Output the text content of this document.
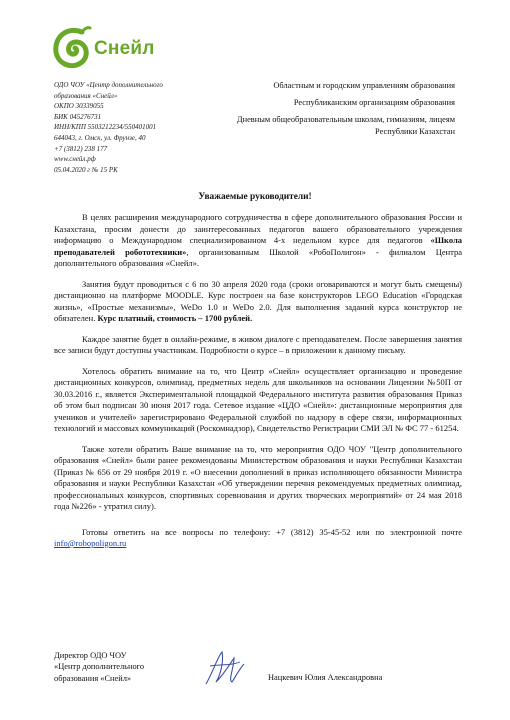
Снейл
ОДО ЧОУ «Центр дополнительного
образования «Снейл»
ОКПО 30339055
БИК 045276731
ИНН/КПП 5503212234/550401001
644043, г. Омск, ул. Фрунзе, 40
+7 (3812) 238 177
www.снейл.рф
05.04.2020 г № 15 РК

Областным и городским управлениям образования

Республиканским организациям образования

Дневным общеобразовательным школам, гимназиям, лицеям Республики Казахстан

Уважаемые руководители!

В целях расширения международного сотрудничества в сфере дополнительного образования России и Казахстана, просим донести до заинтересованных педагогов вашего образовательного учреждения информацию о Международном специализированном 4-х недельном курсе для педагогов «Школа преподавателей робототехники», организованным Школой «РобоПолигон» - филиалом Центра дополнительного образования «Снейл».

Занятия будут проводиться с 6 по 30 апреля 2020 года (сроки оговариваются и могут быть смещены) дистанционно на платформе MOODLE. Курс построен на базе конструкторов LEGO Education «Городская жизнь», «Простые механизмы», WeDo 1.0 и WeDo 2.0. Для выполнения заданий курса конструктор не обязателен. Курс платный, стоимость – 1700 рублей.

Каждое занятие будет в онлайн-режиме, в живом диалоге с преподавателем. После завершения занятия все записи будут доступны участникам. Подробности о курсе – в приложении к данному письму.

Хотелось обратить внимание на то, что Центр «Снейл» осуществляет организацию и проведение дистанционных конкурсов, олимпиад, предметных недель для школьников на основании Лицензии №50П от 30.03.2016 г., является Экспериментальной площадкой Федерального института развития образования Приказ об этом был подписан 30 июня 2017 года. Сетевое издание «ЦДО «Снейл»: дистанционные мероприятия для учеников и учителей» зарегистрировано Федеральной службой по надзору в сфере связи, информационных технологий и массовых коммуникаций (Роскомнадзор), Свидетельство Регистрации СМИ ЭЛ № ФС 77 - 61254.

Также хотели обратить Ваше внимание на то, что мероприятия ОДО ЧОУ "Центр дополнительного образования «Снейл» были ранее рекомендованы Министерством образования и науки Республики Казахстан (Приказ № 656 от 29 ноября 2019 г. «О внесении дополнений в приказ исполняющего обязанности Министра образования и науки Республики Казахстан «Об утверждении перечня рекомендуемых предметных олимпиад, профессиональных конкурсов, спортивных соревнования и других творческих мероприятий» от 24 мая 2018 года №226» - утратил силу).

Готовы ответить на все вопросы по телефону: +7 (3812) 35-45-52 или по электронной почте info@robopoligon.ru

Директор ОДО ЧОУ
«Центр дополнительного
образования «Снейл»	Нацкевич Юлия Александровна
